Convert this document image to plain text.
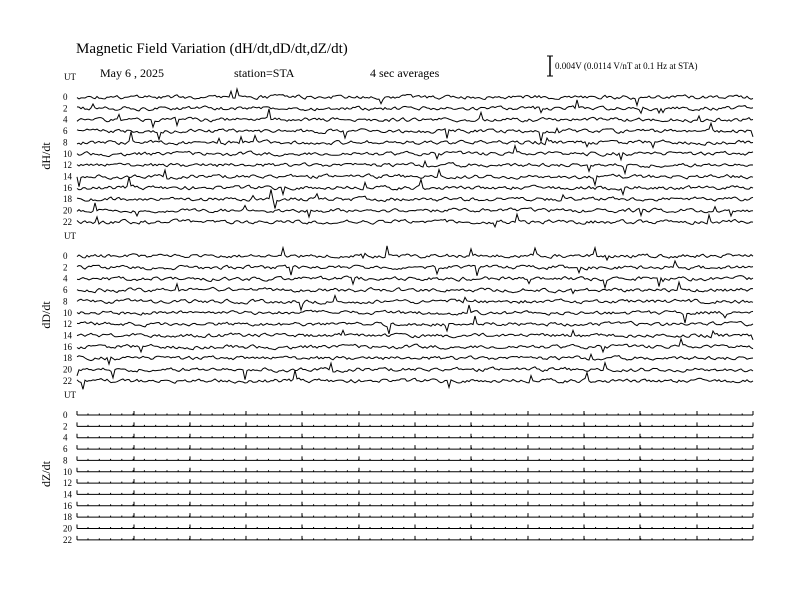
Magnetic Field Variation (dH/dt,dD/dt,dZ/dt)
May 6 , 2025	station=STA	4 sec averages	0.004V (0.0114 V/nT at 0.1 Hz at STA)
UT
dH/dt
0
2
4
6
8
10
12
14
16
18
20
22
UT
dD/dt
0
2
4
6
8
10
12
14
16
18
20
22
UT
dZ/dt
0
2
4
6
8
10
12
14
16
18
20
22
